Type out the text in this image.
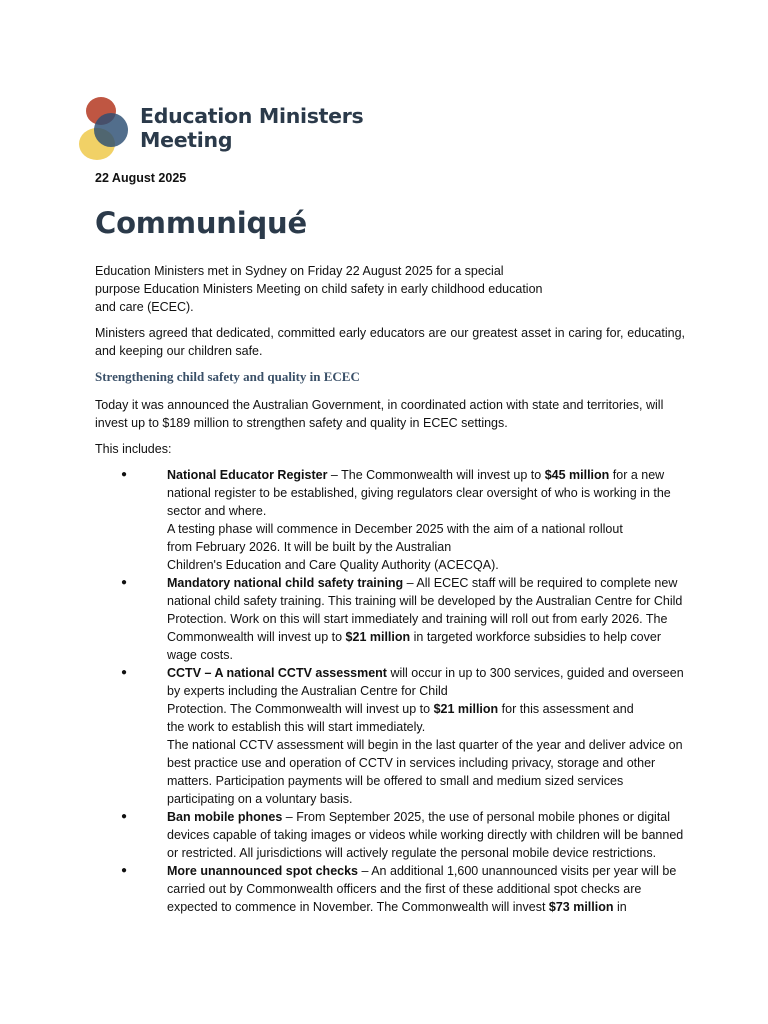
Education Ministers
Meeting
22 August 2025
Communiqué

Education Ministers met in Sydney on Friday 22 August 2025 for a special
purpose Education Ministers Meeting on child safety in early childhood education
and care (ECEC).

Ministers agreed that dedicated, committed early educators are our greatest asset in caring for, educating, and keeping our children safe.

Strengthening child safety and quality in ECEC

Today it was announced the Australian Government, in coordinated action with state and territories, will invest up to $189 million to strengthen safety and quality in ECEC settings.

This includes:

●	National Educator Register – The Commonwealth will invest up to $45 million for a new national register to be established, giving regulators clear oversight of who is working in the sector and where.
A testing phase will commence in December 2025 with the aim of a national rollout
from February 2026. It will be built by the Australian
Children's Education and Care Quality Authority (ACECQA).
●	Mandatory national child safety training – All ECEC staff will be required to complete new national child safety training. This training will be developed by the Australian Centre for Child Protection. Work on this will start immediately and training will roll out from early 2026. The Commonwealth will invest up to $21 million in targeted workforce subsidies to help cover wage costs.
●	CCTV – A national CCTV assessment will occur in up to 300 services, guided and overseen
by experts including the Australian Centre for Child
Protection. The Commonwealth will invest up to $21 million for this assessment and
the work to establish this will start immediately.
The national CCTV assessment will begin in the last quarter of the year and deliver advice on best practice use and operation of CCTV in services including privacy, storage and other matters. Participation payments will be offered to small and medium sized services participating on a voluntary basis.
●	Ban mobile phones – From September 2025, the use of personal mobile phones or digital devices capable of taking images or videos while working directly with children will be banned or restricted. All jurisdictions will actively regulate the personal mobile device restrictions.
●	More unannounced spot checks – An additional 1,600 unannounced visits per year will be carried out by Commonwealth officers and the first of these additional spot checks are expected to commence in November. The Commonwealth will invest $73 million in
